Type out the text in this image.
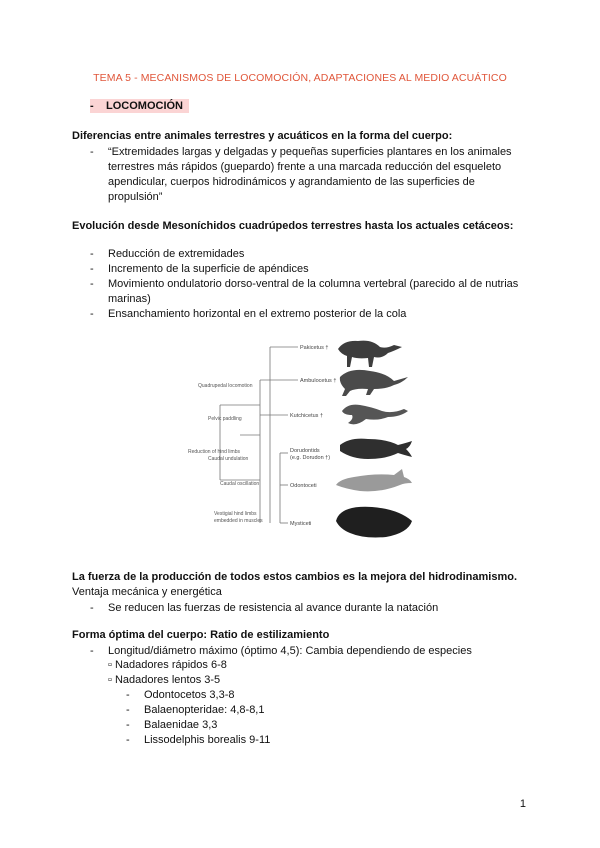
TEMA 5 - MECANISMOS DE LOCOMOCIÓN, ADAPTACIONES AL MEDIO ACUÁTICO
- LOCOMOCIÓN
Diferencias entre animales terrestres y acuáticos en la forma del cuerpo:
- “Extremidades largas y delgadas y pequeñas superficies plantares en los animales
terrestres más rápidos (guepardo) frente a una marcada reducción del esqueleto
apendicular, cuerpos hidrodinámicos y agrandamiento de las superficies de
propulsión”
Evolución desde Mesoníchidos cuadrúpedos terrestres hasta los actuales cetáceos:
- Reducción de extremidades
- Incremento de la superficie de apéndices
- Movimiento ondulatorio dorso-ventral de la columna vertebral (parecido al de nutrias
marinas)
- Ensanchamiento horizontal en el extremo posterior de la cola
Pakicetus †
Ambulocetus †
Kutchicetus †
Dorudontids
(e.g. Dorudon †)
Odontoceti
Mysticeti
Quadrupedal locomotion
Pelvic paddling
Reduction of hind limbs
Caudal undulation
Caudal oscillation
Vestigial hind limbs
embedded in muscles
La fuerza de la producción de todos estos cambios es la mejora del hidrodinamismo.
Ventaja mecánica y energética
- Se reducen las fuerzas de resistencia al avance durante la natación
Forma óptima del cuerpo: Ratio de estilizamiento
- Longitud/diámetro máximo (óptimo 4,5): Cambia dependiendo de especies
▫ Nadadores rápidos 6-8
▫ Nadadores lentos 3-5
- Odontocetos 3,3-8
- Balaenopteridae: 4,8-8,1
- Balaenidae 3,3
- Lissodelphis borealis 9-11
1
